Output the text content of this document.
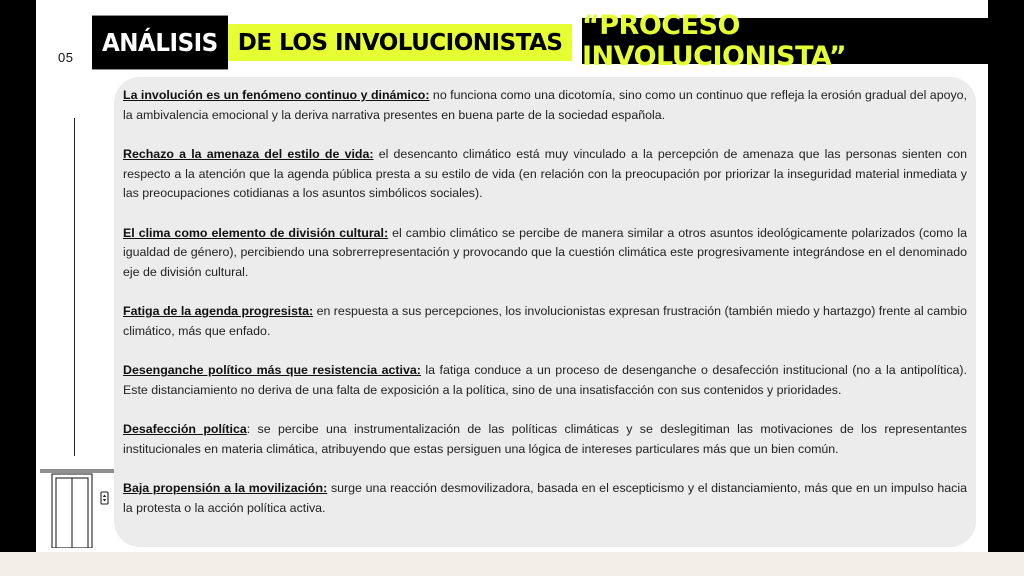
05
ANÁLISIS DE LOS INVOLUCIONISTAS
“PROCESO INVOLUCIONISTA”

La involución es un fenómeno continuo y dinámico: no funciona como una dicotomía, sino como un continuo que refleja la erosión gradual del apoyo, la ambivalencia emocional y la deriva narrativa presentes en buena parte de la sociedad española.

Rechazo a la amenaza del estilo de vida: el desencanto climático está muy vinculado a la percepción de amenaza que las personas sienten con respecto a la atención que la agenda pública presta a su estilo de vida (en relación con la preocupación por priorizar la inseguridad material inmediata y las preocupaciones cotidianas a los asuntos simbólicos sociales).

El clima como elemento de división cultural: el cambio climático se percibe de manera similar a otros asuntos ideológicamente polarizados (como la igualdad de género), percibiendo una sobrerrepresentación y provocando que la cuestión climática este progresivamente integrándose en el denominado eje de división cultural.

Fatiga de la agenda progresista: en respuesta a sus percepciones, los involucionistas expresan frustración (también miedo y hartazgo) frente al cambio climático, más que enfado.

Desenganche político más que resistencia activa: la fatiga conduce a un proceso de desenganche o desafección institucional (no a la antipolítica). Este distanciamiento no deriva de una falta de exposición a la política, sino de una insatisfacción con sus contenidos y prioridades.

Desafección política: se percibe una instrumentalización de las políticas climáticas y se deslegitiman las motivaciones de los representantes institucionales en materia climática, atribuyendo que estas persiguen una lógica de intereses particulares más que un bien común.

Baja propensión a la movilización: surge una reacción desmovilizadora, basada en el escepticismo y el distanciamiento, más que en un impulso hacia la protesta o la acción política activa.
